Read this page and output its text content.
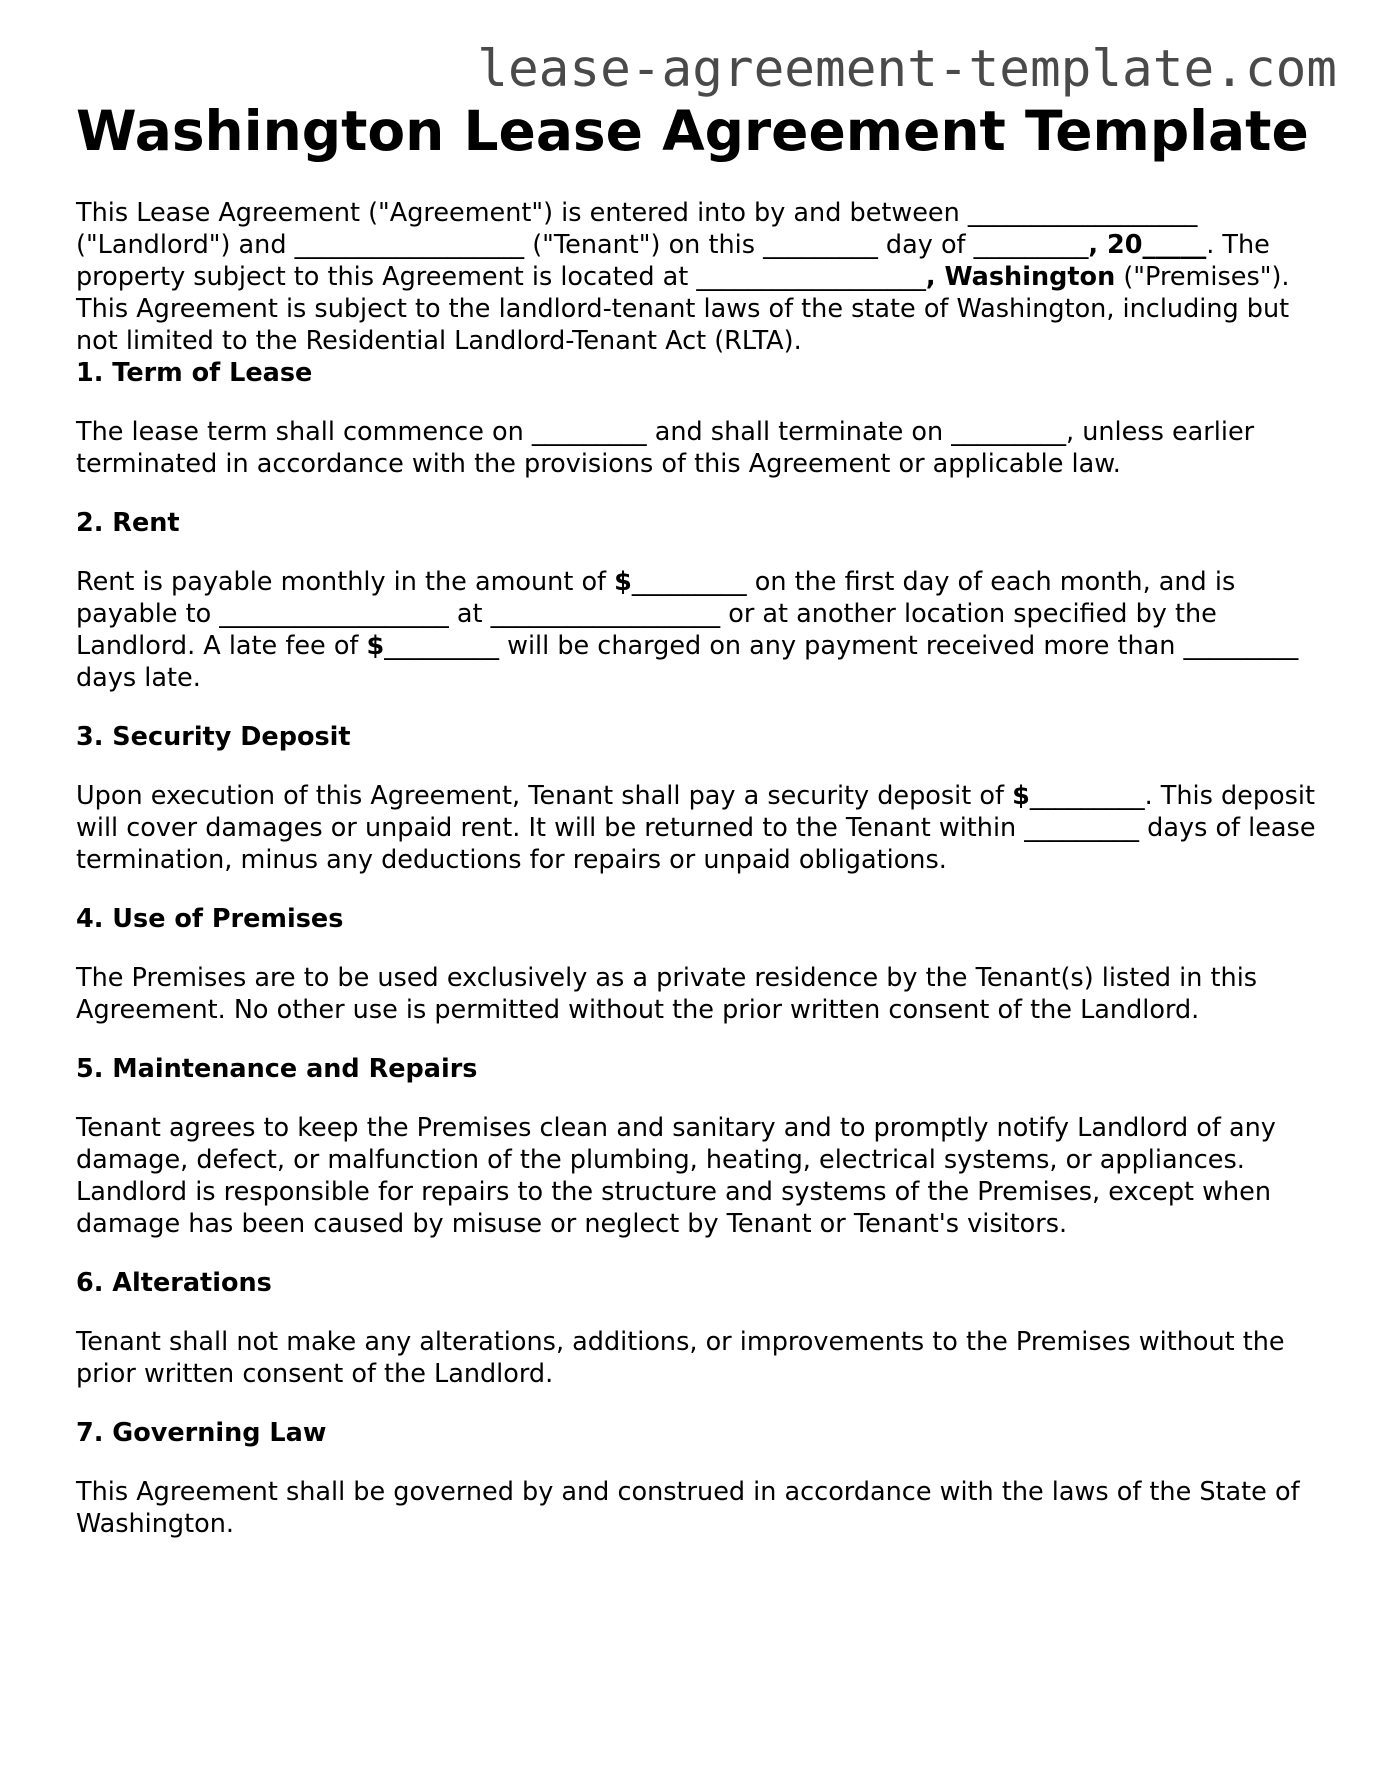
lease-agreement-template.com
Washington Lease Agreement Template

This Lease Agreement ("Agreement") is entered into by and between __________________ ("Landlord") and __________________ ("Tenant") on this _________ day of _________, 20_____. The property subject to this Agreement is located at __________________, Washington ("Premises"). This Agreement is subject to the landlord-tenant laws of the state of Washington, including but not limited to the Residential Landlord-Tenant Act (RLTA).

1. Term of Lease

The lease term shall commence on _________ and shall terminate on _________, unless earlier terminated in accordance with the provisions of this Agreement or applicable law.

2. Rent

Rent is payable monthly in the amount of $_________ on the first day of each month, and is payable to __________________ at __________________ or at another location specified by the Landlord. A late fee of $_________ will be charged on any payment received more than _________ days late.

3. Security Deposit

Upon execution of this Agreement, Tenant shall pay a security deposit of $_________. This deposit will cover damages or unpaid rent. It will be returned to the Tenant within _________ days of lease termination, minus any deductions for repairs or unpaid obligations.

4. Use of Premises

The Premises are to be used exclusively as a private residence by the Tenant(s) listed in this Agreement. No other use is permitted without the prior written consent of the Landlord.

5. Maintenance and Repairs

Tenant agrees to keep the Premises clean and sanitary and to promptly notify Landlord of any damage, defect, or malfunction of the plumbing, heating, electrical systems, or appliances. Landlord is responsible for repairs to the structure and systems of the Premises, except when damage has been caused by misuse or neglect by Tenant or Tenant's visitors.

6. Alterations

Tenant shall not make any alterations, additions, or improvements to the Premises without the prior written consent of the Landlord.

7. Governing Law

This Agreement shall be governed by and construed in accordance with the laws of the State of Washington.
